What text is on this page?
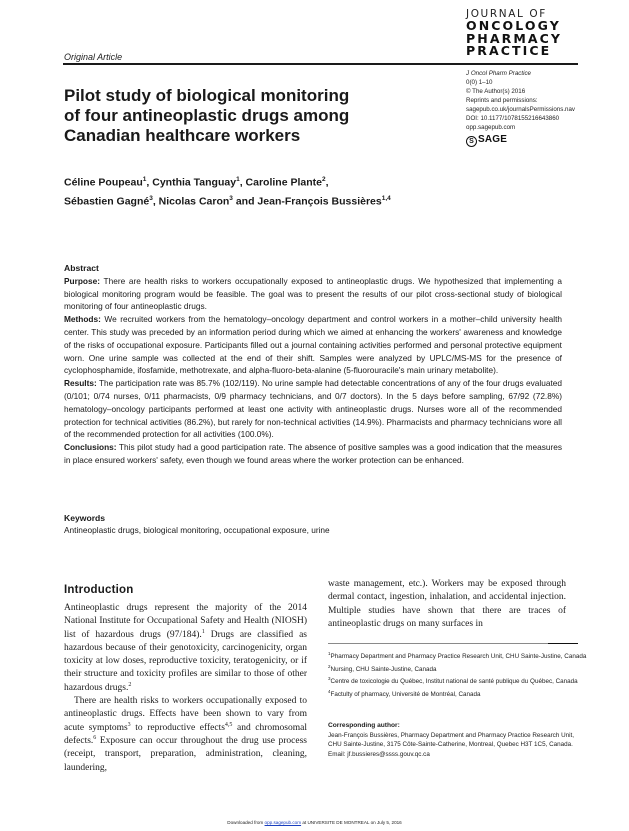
JOURNAL OF
ONCOLOGY
PHARMACY
PRACTICE
Original Article
J Oncol Pharm Practice
0(0) 1–10
© The Author(s) 2016
Reprints and permissions:
sagepub.co.uk/journalsPermissions.nav
DOI: 10.1177/1078155216643860
opp.sagepub.com
S SAGE
Pilot study of biological monitoring
of four antineoplastic drugs among
Canadian healthcare workers
Céline Poupeau$^1$, Cynthia Tanguay$^1$, Caroline Plante$^2$,
Sébastien Gagné$^3$, Nicolas Caron$^3$ and Jean-François Bussières$^{1,4}$
Abstract

Purpose: There are health risks to workers occupationally exposed to antineoplastic drugs. We hypothesized that implementing a biological monitoring program would be feasible. The goal was to present the results of our pilot cross-sectional study of biological monitoring of four antineoplastic drugs.

Methods: We recruited workers from the hematology–oncology department and control workers in a mother–child university health center. This study was preceded by an information period during which we aimed at enhancing the workers' awareness and knowledge of the risks of occupational exposure. Participants filled out a journal containing activities performed and personal protective equipment worn. One urine sample was collected at the end of their shift. Samples were analyzed by UPLC/MS-MS for the presence of cyclophosphamide, ifosfamide, methotrexate, and alpha-fluoro-beta-alanine (5-fluorouracile's main urinary metabolite).

Results: The participation rate was 85.7% (102/119). No urine sample had detectable concentrations of any of the four drugs evaluated (0/101; 0/74 nurses, 0/11 pharmacists, 0/9 pharmacy technicians, and 0/7 doctors). In the 5 days before sampling, 67/92 (72.8%) hematology–oncology participants performed at least one activity with antineoplastic drugs. Nurses wore all of the recommended protection for technical activities (86.2%), but rarely for non-technical activities (14.9%). Pharmacists and pharmacy technicians wore all of the recommended protection for all activities (100.0%).

Conclusions: This pilot study had a good participation rate. The absence of positive samples was a good indication that the measures in place ensured workers' safety, even though we found areas where the worker protection can be enhanced.

Keywords
Antineoplastic drugs, biological monitoring, occupational exposure, urine
Introduction

Antineoplastic drugs represent the majority of the 2014 National Institute for Occupational Safety and Health (NIOSH) list of hazardous drugs (97/184).$^1$ Drugs are classified as hazardous because of their genotoxicity, carcinogenicity, organ toxicity at low doses, reproductive toxicity, teratogenicity, or if their structure and toxicity profiles are similar to those of other hazardous drugs.$^2$

There are health risks to workers occupationally exposed to antineoplastic drugs. Effects have been shown to vary from acute symptoms$^3$ to reproductive effects$^{4,5}$ and chromosomal defects.$^6$ Exposure can occur throughout the drug use process (receipt, transport, preparation, administration, cleaning, laundering,

waste management, etc.). Workers may be exposed through dermal contact, ingestion, inhalation, and accidental injection. Multiple studies have shown that there are traces of antineoplastic drugs on many surfaces in

$^1$Pharmacy Department and Pharmacy Practice Research Unit, CHU Sainte-Justine, Canada
$^2$Nursing, CHU Sainte-Justine, Canada
$^3$Centre de toxicologie du Québec, Institut national de santé publique du Québec, Canada
$^4$Factulty of pharmacy, Université de Montréal, Canada
Corresponding author:
Jean-François Bussières, Pharmacy Department and Pharmacy Practice Research Unit, CHU Sainte-Justine, 3175 Côte-Sainte-Catherine, Montreal, Quebec H3T 1C5, Canada.
Email: jf.bussieres@ssss.gouv.qc.ca
Downloaded from opp.sagepub.com at UNIVERSITE DE MONTREAL on July 5, 2016
